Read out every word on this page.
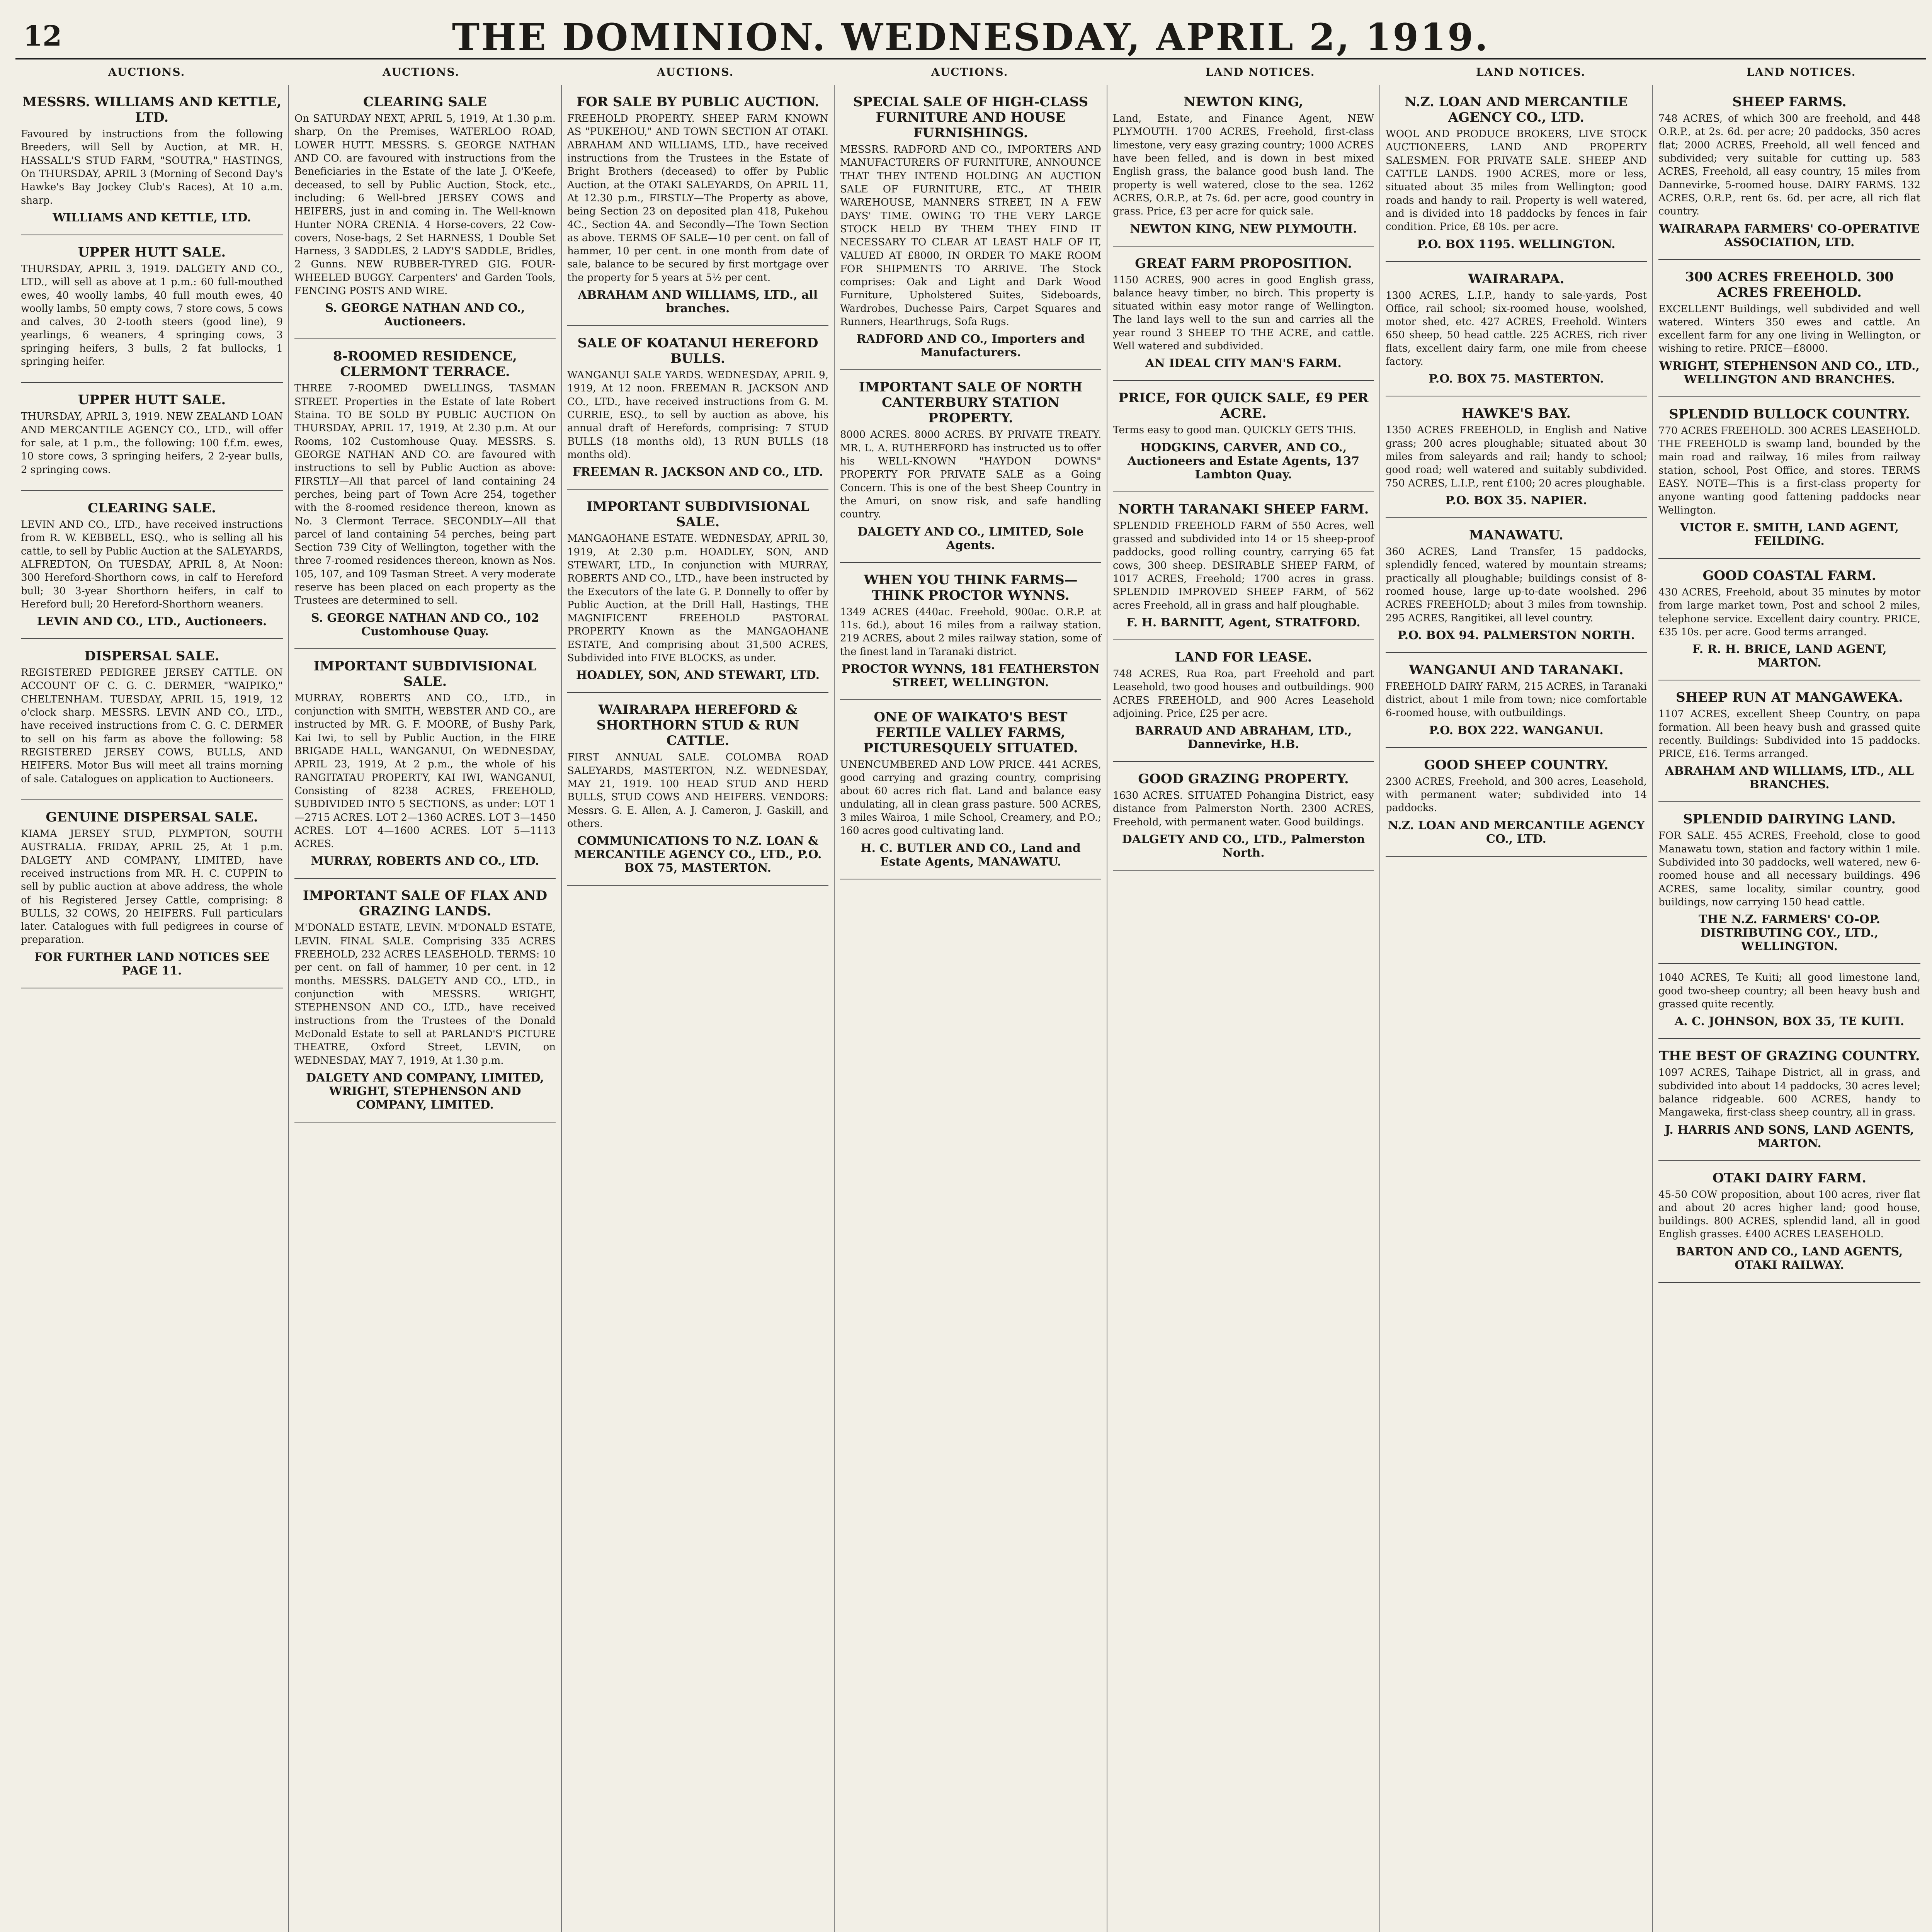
12	THE DOMINION. WEDNESDAY, APRIL 2, 1919.
AUCTIONS.	AUCTIONS.	AUCTIONS.	AUCTIONS.	LAND NOTICES.	LAND NOTICES.	LAND NOTICES.
MESSRS. WILLIAMS AND KETTLE, LTD.

Favoured by instructions from the following Breeders, will Sell by Auction, at MR. H. HASSALL'S STUD FARM, "SOUTRA," HASTINGS, On THURSDAY, APRIL 3 (Morning of Second Day's Hawke's Bay Jockey Club's Races), At 10 a.m. sharp.

WILLIAMS AND KETTLE, LTD.
UPPER HUTT SALE.

THURSDAY, APRIL 3, 1919. DALGETY AND CO., LTD., will sell as above at 1 p.m.: 60 full-mouthed ewes, 40 woolly lambs, 40 full mouth ewes, 40 woolly lambs, 50 empty cows, 7 store cows, 5 cows and calves, 30 2-tooth steers (good line), 9 yearlings, 6 weaners, 4 springing cows, 3 springing heifers, 3 bulls, 2 fat bullocks, 1 springing heifer.

UPPER HUTT SALE.

THURSDAY, APRIL 3, 1919. NEW ZEALAND LOAN AND MERCANTILE AGENCY CO., LTD., will offer for sale, at 1 p.m., the following: 100 f.f.m. ewes, 10 store cows, 3 springing heifers, 2 2-year bulls, 2 springing cows.

CLEARING SALE.

LEVIN AND CO., LTD., have received instructions from R. W. KEBBELL, ESQ., who is selling all his cattle, to sell by Public Auction at the SALEYARDS, ALFREDTON, On TUESDAY, APRIL 8, At Noon: 300 Hereford-Shorthorn cows, in calf to Hereford bull; 30 3-year Shorthorn heifers, in calf to Hereford bull; 20 Hereford-Shorthorn weaners.

LEVIN AND CO., LTD., Auctioneers.
DISPERSAL SALE.

REGISTERED PEDIGREE JERSEY CATTLE. ON ACCOUNT OF C. G. C. DERMER, "WAIPIKO," CHELTENHAM. TUESDAY, APRIL 15, 1919, 12 o'clock sharp. MESSRS. LEVIN AND CO., LTD., have received instructions from C. G. C. DERMER to sell on his farm as above the following: 58 REGISTERED JERSEY COWS, BULLS, AND HEIFERS. Motor Bus will meet all trains morning of sale. Catalogues on application to Auctioneers.

GENUINE DISPERSAL SALE.

KIAMA JERSEY STUD, PLYMPTON, SOUTH AUSTRALIA. FRIDAY, APRIL 25, At 1 p.m. DALGETY AND COMPANY, LIMITED, have received instructions from MR. H. C. CUPPIN to sell by public auction at above address, the whole of his Registered Jersey Cattle, comprising: 8 BULLS, 32 COWS, 20 HEIFERS. Full particulars later. Catalogues with full pedigrees in course of preparation.

FOR FURTHER LAND NOTICES SEE PAGE 11.
CLEARING SALE

On SATURDAY NEXT, APRIL 5, 1919, At 1.30 p.m. sharp, On the Premises, WATERLOO ROAD, LOWER HUTT. MESSRS. S. GEORGE NATHAN AND CO. are favoured with instructions from the Beneficiaries in the Estate of the late J. O'Keefe, deceased, to sell by Public Auction, Stock, etc., including: 6 Well-bred JERSEY COWS and HEIFERS, just in and coming in. The Well-known Hunter NORA CRENIA. 4 Horse-covers, 22 Cow-covers, Nose-bags, 2 Set HARNESS, 1 Double Set Harness, 3 SADDLES, 2 LADY'S SADDLE, Bridles, 2 Gunns. NEW RUBBER-TYRED GIG. FOUR-WHEELED BUGGY. Carpenters' and Garden Tools, FENCING POSTS AND WIRE.

S. GEORGE NATHAN AND CO., Auctioneers.
8-ROOMED RESIDENCE, CLERMONT TERRACE.

THREE 7-ROOMED DWELLINGS, TASMAN STREET. Properties in the Estate of late Robert Staina. TO BE SOLD BY PUBLIC AUCTION On THURSDAY, APRIL 17, 1919, At 2.30 p.m. At our Rooms, 102 Customhouse Quay. MESSRS. S. GEORGE NATHAN AND CO. are favoured with instructions to sell by Public Auction as above: FIRSTLY—All that parcel of land containing 24 perches, being part of Town Acre 254, together with the 8-roomed residence thereon, known as No. 3 Clermont Terrace. SECONDLY—All that parcel of land containing 54 perches, being part Section 739 City of Wellington, together with the three 7-roomed residences thereon, known as Nos. 105, 107, and 109 Tasman Street. A very moderate reserve has been placed on each property as the Trustees are determined to sell.

S. GEORGE NATHAN AND CO., 102 Customhouse Quay.
IMPORTANT SUBDIVISIONAL SALE.

MURRAY, ROBERTS AND CO., LTD., in conjunction with SMITH, WEBSTER AND CO., are instructed by MR. G. F. MOORE, of Bushy Park, Kai Iwi, to sell by Public Auction, in the FIRE BRIGADE HALL, WANGANUI, On WEDNESDAY, APRIL 23, 1919, At 2 p.m., the whole of his RANGITATAU PROPERTY, KAI IWI, WANGANUI, Consisting of 8238 ACRES, FREEHOLD, SUBDIVIDED INTO 5 SECTIONS, as under: LOT 1—2715 ACRES. LOT 2—1360 ACRES. LOT 3—1450 ACRES. LOT 4—1600 ACRES. LOT 5—1113 ACRES.

MURRAY, ROBERTS AND CO., LTD.
IMPORTANT SALE OF FLAX AND GRAZING LANDS.

M'DONALD ESTATE, LEVIN. M'DONALD ESTATE, LEVIN. FINAL SALE. Comprising 335 ACRES FREEHOLD, 232 ACRES LEASEHOLD. TERMS: 10 per cent. on fall of hammer, 10 per cent. in 12 months. MESSRS. DALGETY AND CO., LTD., in conjunction with MESSRS. WRIGHT, STEPHENSON AND CO., LTD., have received instructions from the Trustees of the Donald McDonald Estate to sell at PARLAND'S PICTURE THEATRE, Oxford Street, LEVIN, on WEDNESDAY, MAY 7, 1919, At 1.30 p.m.

DALGETY AND COMPANY, LIMITED, WRIGHT, STEPHENSON AND COMPANY, LIMITED.
FOR SALE BY PUBLIC AUCTION.

FREEHOLD PROPERTY. SHEEP FARM KNOWN AS "PUKEHOU," AND TOWN SECTION AT OTAKI. ABRAHAM AND WILLIAMS, LTD., have received instructions from the Trustees in the Estate of Bright Brothers (deceased) to offer by Public Auction, at the OTAKI SALEYARDS, On APRIL 11, At 12.30 p.m., FIRSTLY—The Property as above, being Section 23 on deposited plan 418, Pukehou 4C., Section 4A. and Secondly—The Town Section as above. TERMS OF SALE—10 per cent. on fall of hammer, 10 per cent. in one month from date of sale, balance to be secured by first mortgage over the property for 5 years at 5½ per cent.

ABRAHAM AND WILLIAMS, LTD., all branches.
SALE OF KOATANUI HEREFORD BULLS.

WANGANUI SALE YARDS. WEDNESDAY, APRIL 9, 1919, At 12 noon. FREEMAN R. JACKSON AND CO., LTD., have received instructions from G. M. CURRIE, ESQ., to sell by auction as above, his annual draft of Herefords, comprising: 7 STUD BULLS (18 months old), 13 RUN BULLS (18 months old).

FREEMAN R. JACKSON AND CO., LTD.
IMPORTANT SUBDIVISIONAL SALE.

MANGAOHANE ESTATE. WEDNESDAY, APRIL 30, 1919, At 2.30 p.m. HOADLEY, SON, AND STEWART, LTD., In conjunction with MURRAY, ROBERTS AND CO., LTD., have been instructed by the Executors of the late G. P. Donnelly to offer by Public Auction, at the Drill Hall, Hastings, THE MAGNIFICENT FREEHOLD PASTORAL PROPERTY Known as the MANGAOHANE ESTATE, And comprising about 31,500 ACRES, Subdivided into FIVE BLOCKS, as under.

HOADLEY, SON, AND STEWART, LTD.
WAIRARAPA HEREFORD & SHORTHORN STUD & RUN CATTLE.

FIRST ANNUAL SALE. COLOMBA ROAD SALEYARDS, MASTERTON, N.Z. WEDNESDAY, MAY 21, 1919. 100 HEAD STUD AND HERD BULLS, STUD COWS AND HEIFERS. VENDORS: Messrs. G. E. Allen, A. J. Cameron, J. Gaskill, and others.

COMMUNICATIONS TO N.Z. LOAN & MERCANTILE AGENCY CO., LTD., P.O. BOX 75, MASTERTON.
SPECIAL SALE OF HIGH-CLASS FURNITURE AND HOUSE FURNISHINGS.

MESSRS. RADFORD AND CO., IMPORTERS AND MANUFACTURERS OF FURNITURE, ANNOUNCE THAT THEY INTEND HOLDING AN AUCTION SALE OF FURNITURE, ETC., AT THEIR WAREHOUSE, MANNERS STREET, IN A FEW DAYS' TIME. OWING TO THE VERY LARGE STOCK HELD BY THEM THEY FIND IT NECESSARY TO CLEAR AT LEAST HALF OF IT, VALUED AT £8000, IN ORDER TO MAKE ROOM FOR SHIPMENTS TO ARRIVE. The Stock comprises: Oak and Light and Dark Wood Furniture, Upholstered Suites, Sideboards, Wardrobes, Duchesse Pairs, Carpet Squares and Runners, Hearthrugs, Sofa Rugs.

RADFORD AND CO., Importers and Manufacturers.
IMPORTANT SALE OF NORTH CANTERBURY STATION PROPERTY.

8000 ACRES. 8000 ACRES. BY PRIVATE TREATY. MR. L. A. RUTHERFORD has instructed us to offer his WELL-KNOWN "HAYDON DOWNS" PROPERTY FOR PRIVATE SALE as a Going Concern. This is one of the best Sheep Country in the Amuri, on snow risk, and safe handling country.

DALGETY AND CO., LIMITED, Sole Agents.
WHEN YOU THINK FARMS—THINK PROCTOR WYNNS.

1349 ACRES (440ac. Freehold, 900ac. O.R.P. at 11s. 6d.), about 16 miles from a railway station. 219 ACRES, about 2 miles railway station, some of the finest land in Taranaki district.

PROCTOR WYNNS, 181 FEATHERSTON STREET, WELLINGTON.
ONE OF WAIKATO'S BEST FERTILE VALLEY FARMS, PICTURESQUELY SITUATED.

UNENCUMBERED AND LOW PRICE. 441 ACRES, good carrying and grazing country, comprising about 60 acres rich flat. Land and balance easy undulating, all in clean grass pasture. 500 ACRES, 3 miles Wairoa, 1 mile School, Creamery, and P.O.; 160 acres good cultivating land.

H. C. BUTLER AND CO., Land and Estate Agents, MANAWATU.
NEWTON KING,

Land, Estate, and Finance Agent, NEW PLYMOUTH. 1700 ACRES, Freehold, first-class limestone, very easy grazing country; 1000 ACRES have been felled, and is down in best mixed English grass, the balance good bush land. The property is well watered, close to the sea. 1262 ACRES, O.R.P., at 7s. 6d. per acre, good country in grass. Price, £3 per acre for quick sale.

NEWTON KING, NEW PLYMOUTH.
GREAT FARM PROPOSITION.

1150 ACRES, 900 acres in good English grass, balance heavy timber, no birch. This property is situated within easy motor range of Wellington. The land lays well to the sun and carries all the year round 3 SHEEP TO THE ACRE, and cattle. Well watered and subdivided.

AN IDEAL CITY MAN'S FARM.
PRICE, FOR QUICK SALE, £9 PER ACRE.

Terms easy to good man. QUICKLY GETS THIS.

HODGKINS, CARVER, AND CO., Auctioneers and Estate Agents, 137 Lambton Quay.
NORTH TARANAKI SHEEP FARM.

SPLENDID FREEHOLD FARM of 550 Acres, well grassed and subdivided into 14 or 15 sheep-proof paddocks, good rolling country, carrying 65 fat cows, 300 sheep. DESIRABLE SHEEP FARM, of 1017 ACRES, Freehold; 1700 acres in grass. SPLENDID IMPROVED SHEEP FARM, of 562 acres Freehold, all in grass and half ploughable.

F. H. BARNITT, Agent, STRATFORD.
LAND FOR LEASE.

748 ACRES, Rua Roa, part Freehold and part Leasehold, two good houses and outbuildings. 900 ACRES FREEHOLD, and 900 Acres Leasehold adjoining. Price, £25 per acre.

BARRAUD AND ABRAHAM, LTD., Dannevirke, H.B.
GOOD GRAZING PROPERTY.

1630 ACRES. SITUATED Pohangina District, easy distance from Palmerston North. 2300 ACRES, Freehold, with permanent water. Good buildings.

DALGETY AND CO., LTD., Palmerston North.
N.Z. LOAN AND MERCANTILE AGENCY CO., LTD.

WOOL AND PRODUCE BROKERS, LIVE STOCK AUCTIONEERS, LAND AND PROPERTY SALESMEN. FOR PRIVATE SALE. SHEEP AND CATTLE LANDS. 1900 ACRES, more or less, situated about 35 miles from Wellington; good roads and handy to rail. Property is well watered, and is divided into 18 paddocks by fences in fair condition. Price, £8 10s. per acre.

P.O. BOX 1195. WELLINGTON.
WAIRARAPA.

1300 ACRES, L.I.P., handy to sale-yards, Post Office, rail school; six-roomed house, woolshed, motor shed, etc. 427 ACRES, Freehold. Winters 650 sheep, 50 head cattle. 225 ACRES, rich river flats, excellent dairy farm, one mile from cheese factory.

P.O. BOX 75. MASTERTON.
HAWKE'S BAY.

1350 ACRES FREEHOLD, in English and Native grass; 200 acres ploughable; situated about 30 miles from saleyards and rail; handy to school; good road; well watered and suitably subdivided. 750 ACRES, L.I.P., rent £100; 20 acres ploughable.

P.O. BOX 35. NAPIER.
MANAWATU.

360 ACRES, Land Transfer, 15 paddocks, splendidly fenced, watered by mountain streams; practically all ploughable; buildings consist of 8-roomed house, large up-to-date woolshed. 296 ACRES FREEHOLD; about 3 miles from township. 295 ACRES, Rangitikei, all level country.

P.O. BOX 94. PALMERSTON NORTH.
WANGANUI AND TARANAKI.

FREEHOLD DAIRY FARM, 215 ACRES, in Taranaki district, about 1 mile from town; nice comfortable 6-roomed house, with outbuildings.

P.O. BOX 222. WANGANUI.
GOOD SHEEP COUNTRY.

2300 ACRES, Freehold, and 300 acres, Leasehold, with permanent water; subdivided into 14 paddocks.

N.Z. LOAN AND MERCANTILE AGENCY CO., LTD.
SHEEP FARMS.

748 ACRES, of which 300 are freehold, and 448 O.R.P., at 2s. 6d. per acre; 20 paddocks, 350 acres flat; 2000 ACRES, Freehold, all well fenced and subdivided; very suitable for cutting up. 583 ACRES, Freehold, all easy country, 15 miles from Dannevirke, 5-roomed house. DAIRY FARMS. 132 ACRES, O.R.P., rent 6s. 6d. per acre, all rich flat country.

WAIRARAPA FARMERS' CO-OPERATIVE ASSOCIATION, LTD.
300 ACRES FREEHOLD. 300 ACRES FREEHOLD.

EXCELLENT Buildings, well subdivided and well watered. Winters 350 ewes and cattle. An excellent farm for any one living in Wellington, or wishing to retire. PRICE—£8000.

WRIGHT, STEPHENSON AND CO., LTD., WELLINGTON AND BRANCHES.
SPLENDID BULLOCK COUNTRY.

770 ACRES FREEHOLD. 300 ACRES LEASEHOLD. THE FREEHOLD is swamp land, bounded by the main road and railway, 16 miles from railway station, school, Post Office, and stores. TERMS EASY. NOTE—This is a first-class property for anyone wanting good fattening paddocks near Wellington.

VICTOR E. SMITH, LAND AGENT, FEILDING.
GOOD COASTAL FARM.

430 ACRES, Freehold, about 35 minutes by motor from large market town, Post and school 2 miles, telephone service. Excellent dairy country. PRICE, £35 10s. per acre. Good terms arranged.

F. R. H. BRICE, LAND AGENT, MARTON.
SHEEP RUN AT MANGAWEKA.

1107 ACRES, excellent Sheep Country, on papa formation. All been heavy bush and grassed quite recently. Buildings: Subdivided into 15 paddocks. PRICE, £16. Terms arranged.

ABRAHAM AND WILLIAMS, LTD., ALL BRANCHES.
SPLENDID DAIRYING LAND.

FOR SALE. 455 ACRES, Freehold, close to good Manawatu town, station and factory within 1 mile. Subdivided into 30 paddocks, well watered, new 6-roomed house and all necessary buildings. 496 ACRES, same locality, similar country, good buildings, now carrying 150 head cattle.

THE N.Z. FARMERS' CO-OP. DISTRIBUTING COY., LTD., WELLINGTON.

1040 ACRES, Te Kuiti; all good limestone land, good two-sheep country; all been heavy bush and grassed quite recently.

A. C. JOHNSON, BOX 35, TE KUITI.
THE BEST OF GRAZING COUNTRY.

1097 ACRES, Taihape District, all in grass, and subdivided into about 14 paddocks, 30 acres level; balance ridgeable. 600 ACRES, handy to Mangaweka, first-class sheep country, all in grass.

J. HARRIS AND SONS, LAND AGENTS, MARTON.
OTAKI DAIRY FARM.

45-50 COW proposition, about 100 acres, river flat and about 20 acres higher land; good house, buildings. 800 ACRES, splendid land, all in good English grasses. £400 ACRES LEASEHOLD.

BARTON AND CO., LAND AGENTS, OTAKI RAILWAY.
